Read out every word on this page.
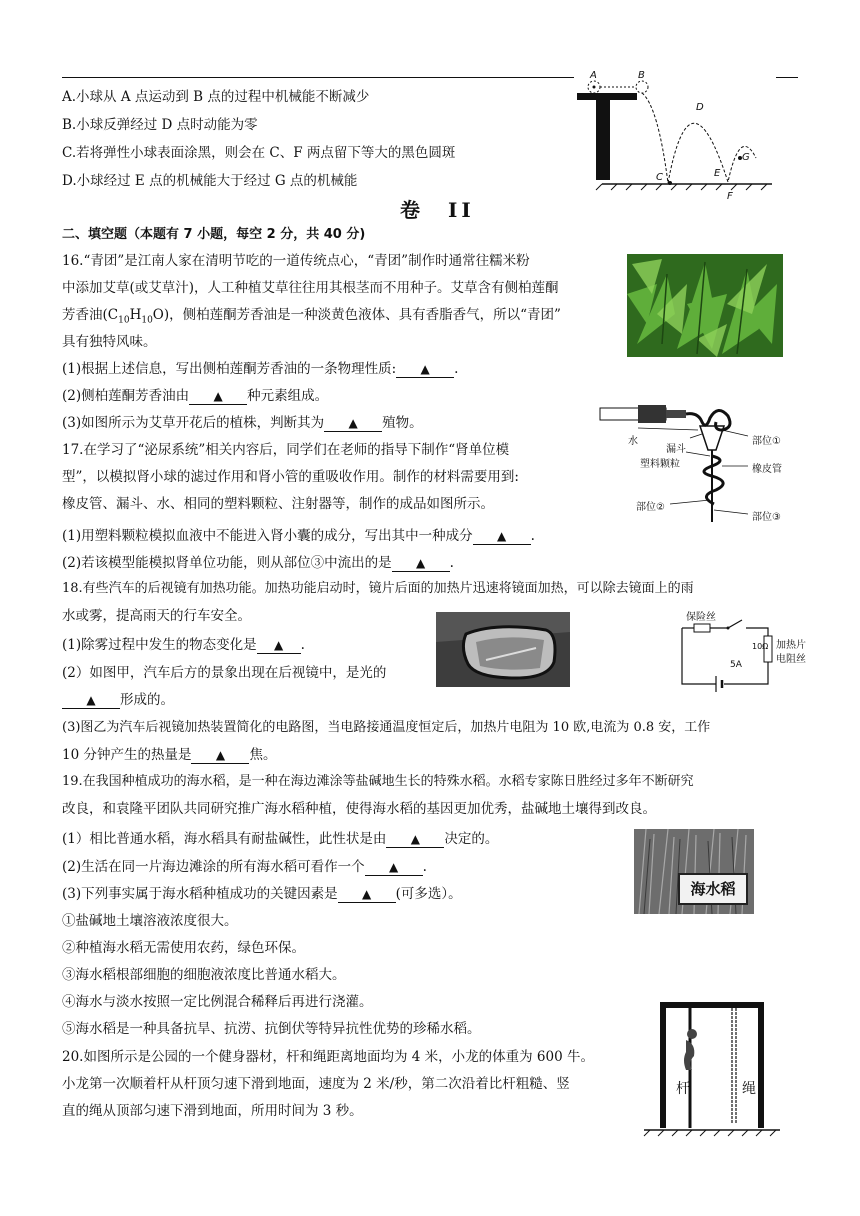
A.小球从 A 点运动到 B 点的过程中机械能不断减少
B.小球反弹经过 D 点时动能为零
C.若将弹性小球表面涂黑，则会在 C、F 两点留下等大的黑色圆斑
D.小球经过 E 点的机械能大于经过 G 点的机械能
A	B
C
D
E
F
G
卷　II
二、填空题（本题有 7 小题，每空 2 分，共 40 分)
16.“青团”是江南人家在清明节吃的一道传统点心，“青团”制作时通常往糯米粉
中添加艾草(或艾草汁)，人工种植艾草往往用其根茎而不用种子。艾草含有侧柏莲酮
芳香油$(C_{10}H_{10}O)$，侧柏莲酮芳香油是一种淡黄色液体、具有香脂香气，所以“青团”
具有独特风味。
(1)根据上述信息，写出侧柏莲酮芳香油的一条物理性质: ▲ .
(2)侧柏莲酮芳香油由 ▲ 种元素组成。
(3)如图所示为艾草开花后的植株，判断其为 ▲ 殖物。
水
漏斗
塑料颗粒
部位①
橡皮管
部位②
部位③
17.在学习了“泌尿系统”相关内容后，同学们在老师的指导下制作“肾单位模
型”，以模拟肾小球的滤过作用和肾小管的重吸收作用。制作的材料需要用到:
橡皮管、漏斗、水、相同的塑料颗粒、注射器等，制作的成品如图所示。
(1)用塑料颗粒模拟血液中不能进入肾小囊的成分，写出其中一种成分 ▲ .
(2)若该模型能模拟肾单位功能，则从部位③中流出的是 ▲ .
18.有些汽车的后视镜有加热功能。加热功能启动时，镜片后面的加热片迅速将镜面加热，可以除去镜面上的雨
水或雾，提高雨天的行车安全。
(1)除雾过程中发生的物态变化是 ▲ .
(2）如图甲，汽车后方的景象出现在后视镜中，是光的
▲ 形成的。
(3)图乙为汽车后视镜加热装置简化的电路图，当电路接通温度恒定后，加热片电阻为 10 欧,电流为 0.8 安，工作
10 分钟产生的热量是 ▲ 焦。
保险丝
加热片
电阻丝
10Ω
5A
19.在我国种植成功的海水稻，是一种在海边滩涂等盐碱地生长的特殊水稻。水稻专家陈日胜经过多年不断研究
改良，和袁隆平团队共同研究推广海水稻种植，使得海水稻的基因更加优秀，盐碱地土壤得到改良。
(1）相比普通水稻，海水稻具有耐盐碱性，此性状是由 ▲ 决定的。
(2)生活在同一片海边滩涂的所有海水稻可看作一个 ▲ .
(3)下列事实属于海水稻种植成功的关键因素是 ▲ (可多选）。
①盐碱地土壤溶液浓度很大。
②种植海水稻无需使用农药，绿色环保。
③海水稻根部细胞的细胞液浓度比普通水稻大。
④海水与淡水按照一定比例混合稀释后再进行浇灌。
⑤海水稻是一种具备抗旱、抗涝、抗倒伏等特异抗性优势的珍稀水稻。
海水稻
20.如图所示是公园的一个健身器材，杆和绳距离地面均为 4 米，小龙的体重为 600 牛。
小龙第一次顺着杆从杆顶匀速下滑到地面，速度为 2 米/秒，第二次沿着比杆粗糙、竖
直的绳从顶部匀速下滑到地面，所用时间为 3 秒。
杆	绳
